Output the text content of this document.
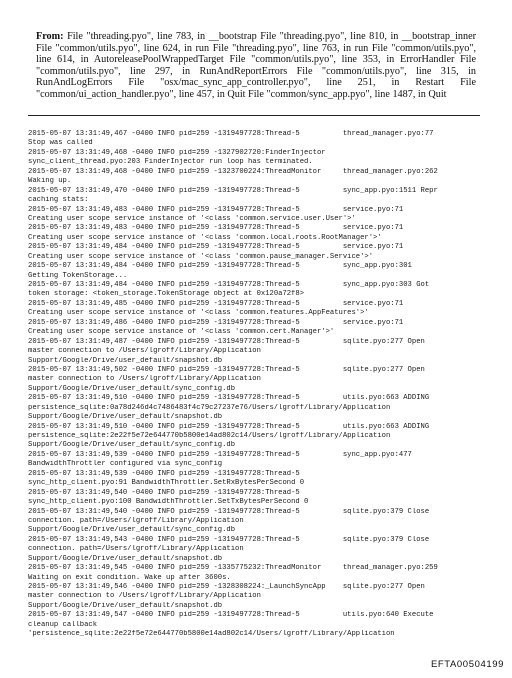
From: File "threading.pyo", line 783, in __bootstrap File "threading.pyo", line 810, in __bootstrap_inner File "common/utils.pyo", line 624, in run File "threading.pyo", line 763, in run File "common/utils.pyo", line 614, in AutoreleasePoolWrappedTarget File "common/utils.pyo", line 353, in ErrorHandler File "common/utils.pyo", line 297, in RunAndReportErrors File "common/utils.pyo", line 315, in RunAndLogErrors File "osx/mac_sync_app_controller.pyo", line 251, in Restart File "common/ui_action_handler.pyo", line 457, in Quit File "common/sync_app.pyo", line 1487, in Quit
2015-05-07 13:31:49,467 -0400 INFO pid=259 -1319497728:Thread-5          thread_manager.pyo:77
Stop was called
2015-05-07 13:31:49,468 -0400 INFO pid=259 -1327902720:FinderInjector
sync_client_thread.pyo:203 FinderInjector run loop has terminated.
2015-05-07 13:31:49,468 -0400 INFO pid=259 -1323700224:ThreadMonitor     thread_manager.pyo:262
Waking up.
2015-05-07 13:31:49,470 -0400 INFO pid=259 -1319497728:Thread-5          sync_app.pyo:1511 Repr
caching stats:
2015-05-07 13:31:49,483 -0400 INFO pid=259 -1319497728:Thread-5          service.pyo:71
Creating user scope service instance of '<class 'common.service.user.User'>'
2015-05-07 13:31:49,483 -0400 INFO pid=259 -1319497728:Thread-5          service.pyo:71
Creating user scope service instance of '<class 'common.local.roots.RootManager'>'
2015-05-07 13:31:49,484 -0400 INFO pid=259 -1319497728:Thread-5          service.pyo:71
Creating user scope service instance of '<class 'common.pause_manager.Service'>'
2015-05-07 13:31:49,484 -0400 INFO pid=259 -1319497728:Thread-5          sync_app.pyo:301
Getting TokenStorage...
2015-05-07 13:31:49,484 -0400 INFO pid=259 -1319497728:Thread-5          sync_app.pyo:303 Got
token storage: <token_storage.TokenStorage object at 0x120a72f8>
2015-05-07 13:31:49,485 -0400 INFO pid=259 -1319497728:Thread-5          service.pyo:71
Creating user scope service instance of '<class 'common.features.AppFeatures'>'
2015-05-07 13:31:49,486 -0400 INFO pid=259 -1319497728:Thread-5          service.pyo:71
Creating user scope service instance of '<class 'common.cert.Manager'>'
2015-05-07 13:31:49,487 -0400 INFO pid=259 -1319497728:Thread-5          sqlite.pyo:277 Open
master connection to /Users/lgroff/Library/Application
Support/Google/Drive/user_default/snapshot.db
2015-05-07 13:31:49,502 -0400 INFO pid=259 -1319497728:Thread-5          sqlite.pyo:277 Open
master connection to /Users/lgroff/Library/Application
Support/Google/Drive/user_default/sync_config.db
2015-05-07 13:31:49,510 -0400 INFO pid=259 -1319497728:Thread-5          utils.pyo:663 ADDING
persistence_sqlite:0a78d246d4c7486483f4c79c27237e76/Users/lgroff/Library/Application
Support/Google/Drive/user_default/snapshot.db
2015-05-07 13:31:49,510 -0400 INFO pid=259 -1319497728:Thread-5          utils.pyo:663 ADDING
persistence_sqlite:2e22f5e72e644770b5800e14ad802c14/Users/lgroff/Library/Application
Support/Google/Drive/user_default/sync_config.db
2015-05-07 13:31:49,539 -0400 INFO pid=259 -1319497728:Thread-5          sync_app.pyo:477
BandwidthThrottler configured via sync_config
2015-05-07 13:31:49,539 -0400 INFO pid=259 -1319497728:Thread-5
sync_http_client.pyo:91 BandwidthThrottler.SetRxBytesPerSecond 0
2015-05-07 13:31:49,540 -0400 INFO pid=259 -1319497728:Thread-5
sync_http_client.pyo:100 BandwidthThrottler.SetTxBytesPerSecond 0
2015-05-07 13:31:49,540 -0400 INFO pid=259 -1319497728:Thread-5          sqlite.pyo:379 Close
connection. path=/Users/lgroff/Library/Application
Support/Google/Drive/user_default/sync_config.db
2015-05-07 13:31:49,543 -0400 INFO pid=259 -1319497728:Thread-5          sqlite.pyo:379 Close
connection. path=/Users/lgroff/Library/Application
Support/Google/Drive/user_default/snapshot.db
2015-05-07 13:31:49,545 -0400 INFO pid=259 -1335775232:ThreadMonitor     thread_manager.pyo:259
Waiting on exit condition. Wake up after 3600s.
2015-05-07 13:31:49,546 -0400 INFO pid=259 -1328308224:_LaunchSyncApp    sqlite.pyo:277 Open
master connection to /Users/lgroff/Library/Application
Support/Google/Drive/user_default/snapshot.db
2015-05-07 13:31:49,547 -0400 INFO pid=259 -1319497728:Thread-5          utils.pyo:640 Execute
cleanup callback
'persistence_sqlite:2e22f5e72e644770b5800e14ad802c14/Users/lgroff/Library/Application
EFTA00504199
